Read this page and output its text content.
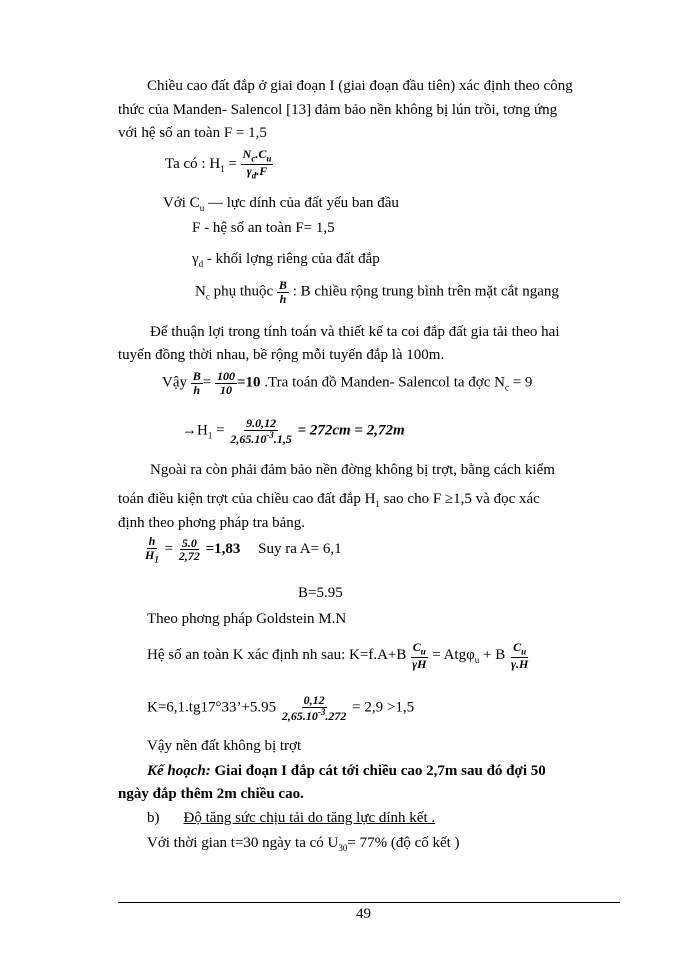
Chiều cao đất đắp ở giai đoạn I (giai đoạn đầu tiên) xác định theo công
thức của Manden- Salencol [13] đảm bảo nền không bị lún trồi, tơng ứng
với hệ số an toàn F = 1,5
Ta có : $H_1 = \frac{N_c.C_u}{\gamma_d.F}$
Với $C_u$ — lực dính của đất yếu ban đầu
F - hệ số an toàn F= 1,5
$\gamma_d$ - khối lợng riêng của đất đắp
$N_c$ phụ thuộc $\frac{B}{h}$ : B chiều rộng trung bình trên mặt cắt ngang
Để thuận lợi trong tính toán và thiết kế ta coi đắp đất gia tải theo hai
tuyến đồng thời nhau, bề rộng mỗi tuyến đắp là 100m.
Vậy $\frac{B}{h} = \frac{100}{10} =10$ .Tra toán đồ Manden- Salencol ta đợc $N_c = 9$
$\to H_1 = \frac{9.0,12}{2,65.10^{-3}.1,5} = 272cm = 2,72m$
Ngoài ra còn phải đảm bảo nền đờng không bị trợt, bằng cách kiểm
toán điều kiện trợt của chiều cao đất đắp $H_1$ sao cho F ≥1,5 và đọc xác
định theo phơng pháp tra bảng.
$\frac{h}{H_1} = \frac{5.0}{2,72} =1,83$ Suy ra A= 6,1
B=5.95
Theo phơng pháp Goldstein M.N
Hệ số an toàn K xác định nh sau: $K=f.A+B \frac{C_u}{\gamma H} = Atg\varphi_u + B \frac{C_u}{\gamma.H}$
K=6,1.tg17°33’+5.95 $\frac{0,12}{2,65.10^{-3}.272} = 2,9 >1,5$
Vậy nền đất không bị trợt
Kế hoạch: Giai đoạn I đắp cát tới chiều cao 2,7m sau đó đợi 50
ngày đắp thêm 2m chiều cao.
b) Độ tăng sức chịu tải do tăng lực dính kết .
Với thời gian t=30 ngày ta có $U_{30}= 77\%$ (độ cố kết )
49
